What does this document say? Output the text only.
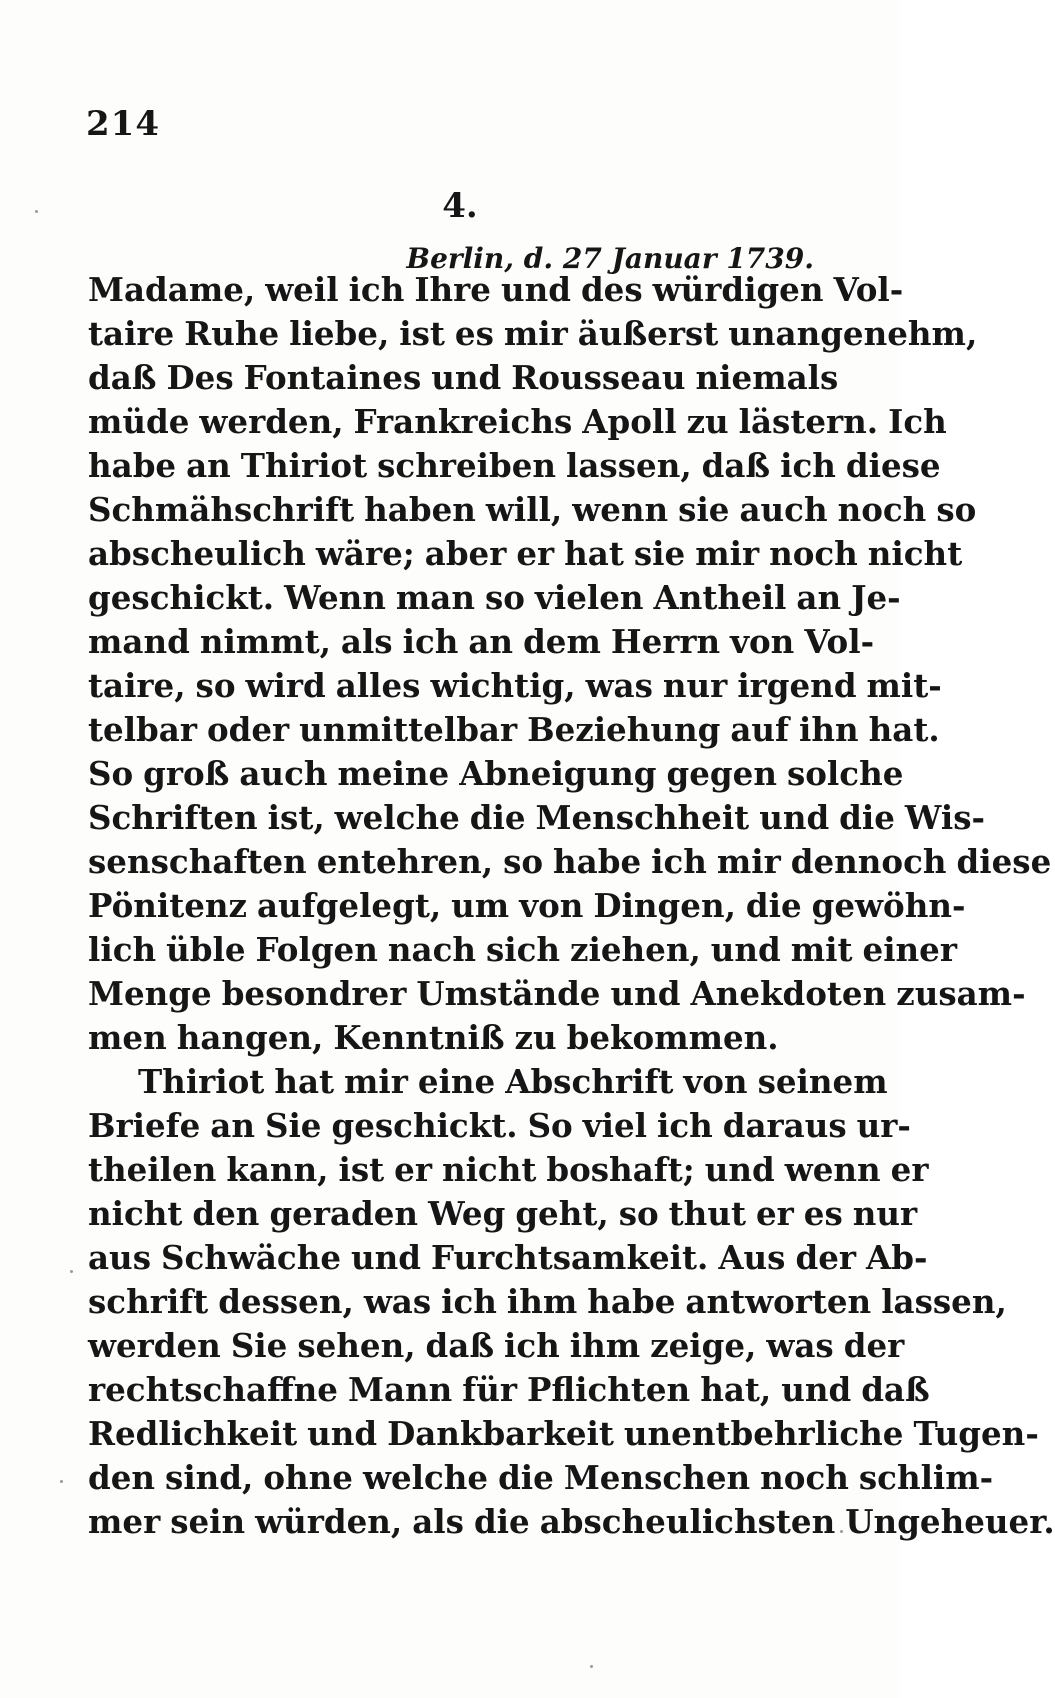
214
4.
Berlin, d. 27 Januar 1739.
Madame, weil ich Ihre und des würdigen Vol-
taire Ruhe liebe, ist es mir äußerst unangenehm,
daß Des Fontaines und Rousseau niemals
müde werden, Frankreichs Apoll zu lästern. Ich
habe an Thiriot schreiben lassen, daß ich diese
Schmähschrift haben will, wenn sie auch noch so
abscheulich wäre; aber er hat sie mir noch nicht
geschickt. Wenn man so vielen Antheil an Je-
mand nimmt, als ich an dem Herrn von Vol-
taire, so wird alles wichtig, was nur irgend mit-
telbar oder unmittelbar Beziehung auf ihn hat.
So groß auch meine Abneigung gegen solche
Schriften ist, welche die Menschheit und die Wis-
senschaften entehren, so habe ich mir dennoch diese
Pönitenz aufgelegt, um von Dingen, die gewöhn-
lich üble Folgen nach sich ziehen, und mit einer
Menge besondrer Umstände und Anekdoten zusam-
men hangen, Kenntniß zu bekommen.
Thiriot hat mir eine Abschrift von seinem
Briefe an Sie geschickt. So viel ich daraus ur-
theilen kann, ist er nicht boshaft; und wenn er
nicht den geraden Weg geht, so thut er es nur
aus Schwäche und Furchtsamkeit. Aus der Ab-
schrift dessen, was ich ihm habe antworten lassen,
werden Sie sehen, daß ich ihm zeige, was der
rechtschaffne Mann für Pflichten hat, und daß
Redlichkeit und Dankbarkeit unentbehrliche Tugen-
den sind, ohne welche die Menschen noch schlim-
mer sein würden, als die abscheulichsten Ungeheuer.
